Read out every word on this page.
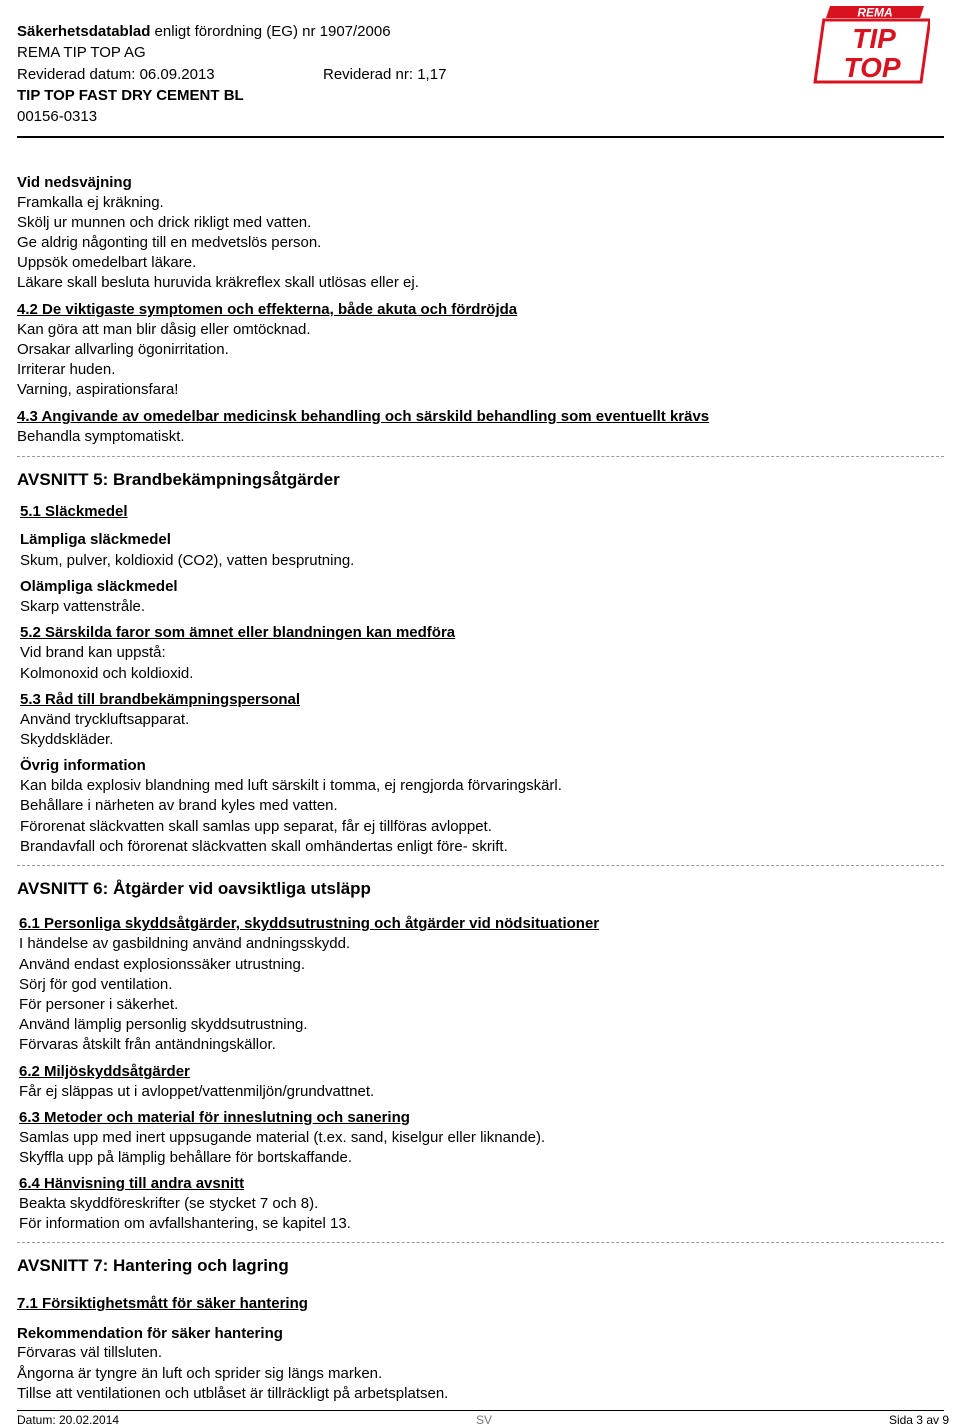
Säkerhetsdatablad enligt förordning (EG) nr 1907/2006
REMA TIP TOP AG
Reviderad datum: 06.09.2013	Reviderad nr: 1,17
TIP TOP FAST DRY CEMENT BL
00156-0313
REMA
TIP
TOP
Vid nedsväjning
Framkalla ej kräkning.
Skölj ur munnen och drick rikligt med vatten.
Ge aldrig någonting till en medvetslös person.
Uppsök omedelbart läkare.
Läkare skall besluta huruvida kräkreflex skall utlösas eller ej.
4.2 De viktigaste symptomen och effekterna, både akuta och fördröjda
Kan göra att man blir dåsig eller omtöcknad.
Orsakar allvarling ögonirritation.
Irriterar huden.
Varning, aspirationsfara!
4.3 Angivande av omedelbar medicinsk behandling och särskild behandling som eventuellt krävs
Behandla symptomatiskt.
AVSNITT 5: Brandbekämpningsåtgärder
5.1 Släckmedel
Lämpliga släckmedel
Skum, pulver, koldioxid (CO2), vatten besprutning.
Olämpliga släckmedel
Skarp vattenstråle.
5.2 Särskilda faror som ämnet eller blandningen kan medföra
Vid brand kan uppstå:
Kolmonoxid och koldioxid.
5.3 Råd till brandbekämpningspersonal
Använd tryckluftsapparat.
Skyddskläder.
Övrig information
Kan bilda explosiv blandning med luft särskilt i tomma, ej rengjorda förvaringskärl.
Behållare i närheten av brand kyles med vatten.
Förorenat släckvatten skall samlas upp separat, får ej tillföras avloppet.
Brandavfall och förorenat släckvatten skall omhändertas enligt före- skrift.
AVSNITT 6: Åtgärder vid oavsiktliga utsläpp
6.1 Personliga skyddsåtgärder, skyddsutrustning och åtgärder vid nödsituationer
I händelse av gasbildning använd andningsskydd.
Använd endast explosionssäker utrustning.
Sörj för god ventilation.
För personer i säkerhet.
Använd lämplig personlig skyddsutrustning.
Förvaras åtskilt från antändningskällor.
6.2 Miljöskyddsåtgärder
Får ej släppas ut i avloppet/vattenmiljön/grundvattnet.
6.3 Metoder och material för inneslutning och sanering
Samlas upp med inert uppsugande material (t.ex. sand, kiselgur eller liknande).
Skyffla upp på lämplig behållare för bortskaffande.
6.4 Hänvisning till andra avsnitt
Beakta skyddföreskrifter (se stycket 7 och 8).
För information om avfallshantering, se kapitel 13.
AVSNITT 7: Hantering och lagring
7.1 Försiktighetsmått för säker hantering
Rekommendation för säker hantering
Förvaras väl tillsluten.
Ångorna är tyngre än luft och sprider sig längs marken.
Tillse att ventilationen och utblåset är tillräckligt på arbetsplatsen.
Datum: 20.02.2014	SV	Sida 3 av 9
